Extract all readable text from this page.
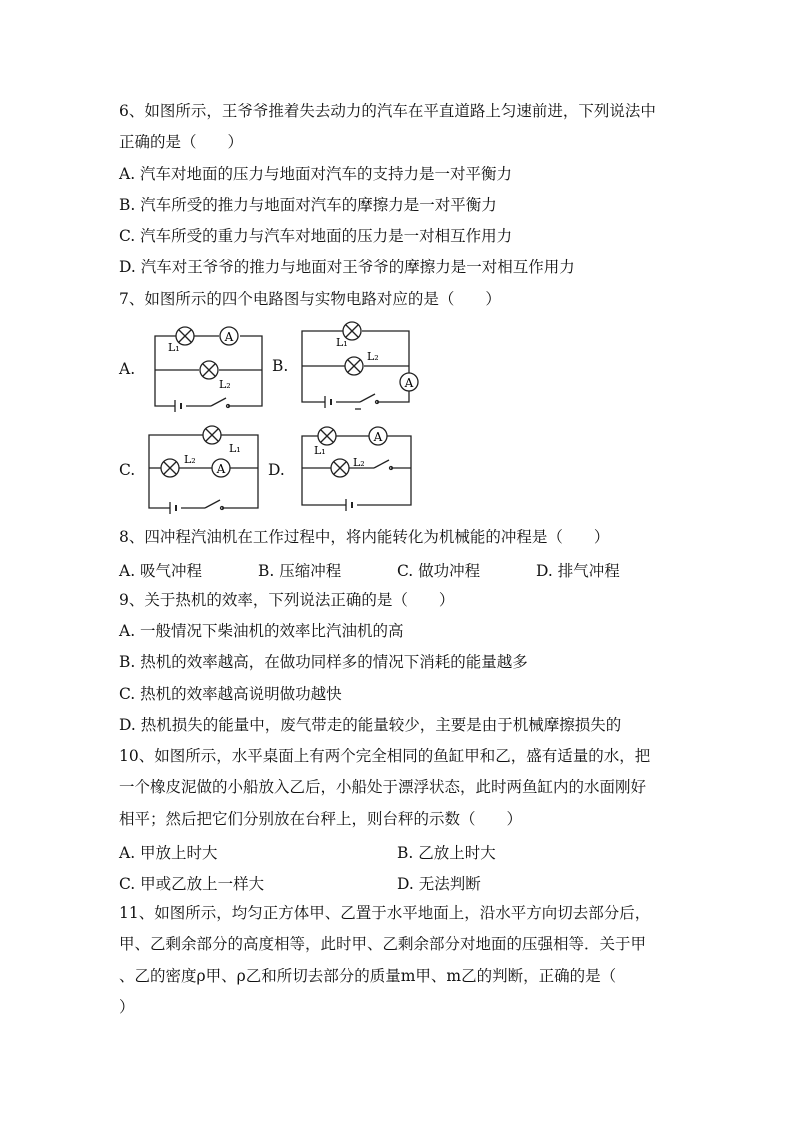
6、如图所示，王爷爷推着失去动力的汽车在平直道路上匀速前进，下列说法中
正确的是（　　）
A. 汽车对地面的压力与地面对汽车的支持力是一对平衡力
B. 汽车所受的推力与地面对汽车的摩擦力是一对平衡力
C. 汽车所受的重力与汽车对地面的压力是一对相互作用力
D. 汽车对王爷爷的推力与地面对王爷爷的摩擦力是一对相互作用力
7、如图所示的四个电路图与实物电路对应的是（　　）
A.	B.
C.	D.
A
L₁
L₂	A
L₁
L₂
A
L₁
L₂
A
L₁
L₂
8、四冲程汽油机在工作过程中，将内能转化为机械能的冲程是（　　）
A. 吸气冲程	B. 压缩冲程	C. 做功冲程	D. 排气冲程
9、关于热机的效率，下列说法正确的是（　　）
A. 一般情况下柴油机的效率比汽油机的高
B. 热机的效率越高，在做功同样多的情况下消耗的能量越多
C. 热机的效率越高说明做功越快
D. 热机损失的能量中，废气带走的能量较少，主要是由于机械摩擦损失的
10、如图所示，水平桌面上有两个完全相同的鱼缸甲和乙，盛有适量的水，把
一个橡皮泥做的小船放入乙后，小船处于漂浮状态，此时两鱼缸内的水面刚好
相平；然后把它们分别放在台秤上，则台秤的示数（　　）
A. 甲放上时大	B. 乙放上时大
C. 甲或乙放上一样大	D. 无法判断
11、如图所示，均匀正方体甲、乙置于水平地面上，沿水平方向切去部分后，
甲、乙剩余部分的高度相等，此时甲、乙剩余部分对地面的压强相等．关于甲
、乙的密度ρ甲、ρ乙和所切去部分的质量m甲、m乙的判断，正确的是（
）
